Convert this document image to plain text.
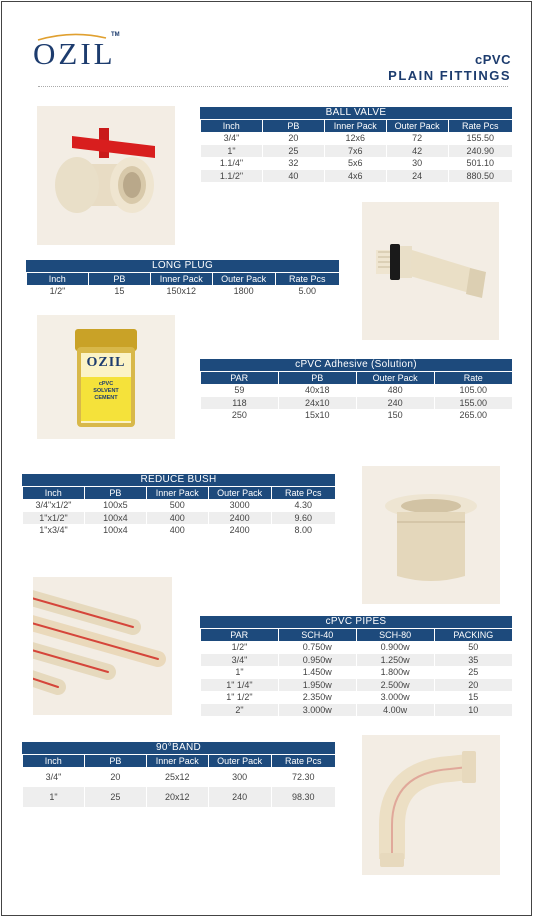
TM
OZIL	cPVC
PLAIN FITTINGS
OZIL
cPVC
SOLVENT
CEMENT
BALL VALVE
Inch	PB	Inner Pack	Outer Pack	Rate Pcs
3/4"	20	12x6	72	155.50
1"	25	7x6	42	240.90
1.1/4"	32	5x6	30	501.10
1.1/2"	40	4x6	24	880.50
LONG PLUG
Inch	PB	Inner Pack	Outer Pack	Rate Pcs
1/2"	15	150x12	1800	5.00
cPVC Adhesive (Solution)
PAR	PB	Outer Pack	Rate
59	40x18	480	105.00
118	24x10	240	155.00
250	15x10	150	265.00
REDUCE BUSH
Inch	PB	Inner Pack	Outer Pack	Rate Pcs
3/4"x1/2"	100x5	500	3000	4.30
1"x1/2"	100x4	400	2400	9.60
1"x3/4"	100x4	400	2400	8.00
cPVC PIPES
PAR	SCH-40	SCH-80	PACKING
1/2"	0.750w	0.900w	50
3/4"	0.950w	1.250w	35
1"	1.450w	1.800w	25
1" 1/4"	1.950w	2.500w	20
1" 1/2"	2.350w	3.000w	15
2"	3.000w	4.00w	10
90°BAND
Inch	PB	Inner Pack	Outer Pack	Rate Pcs
3/4"	20	25x12	300	72.30
1"	25	20x12	240	98.30
